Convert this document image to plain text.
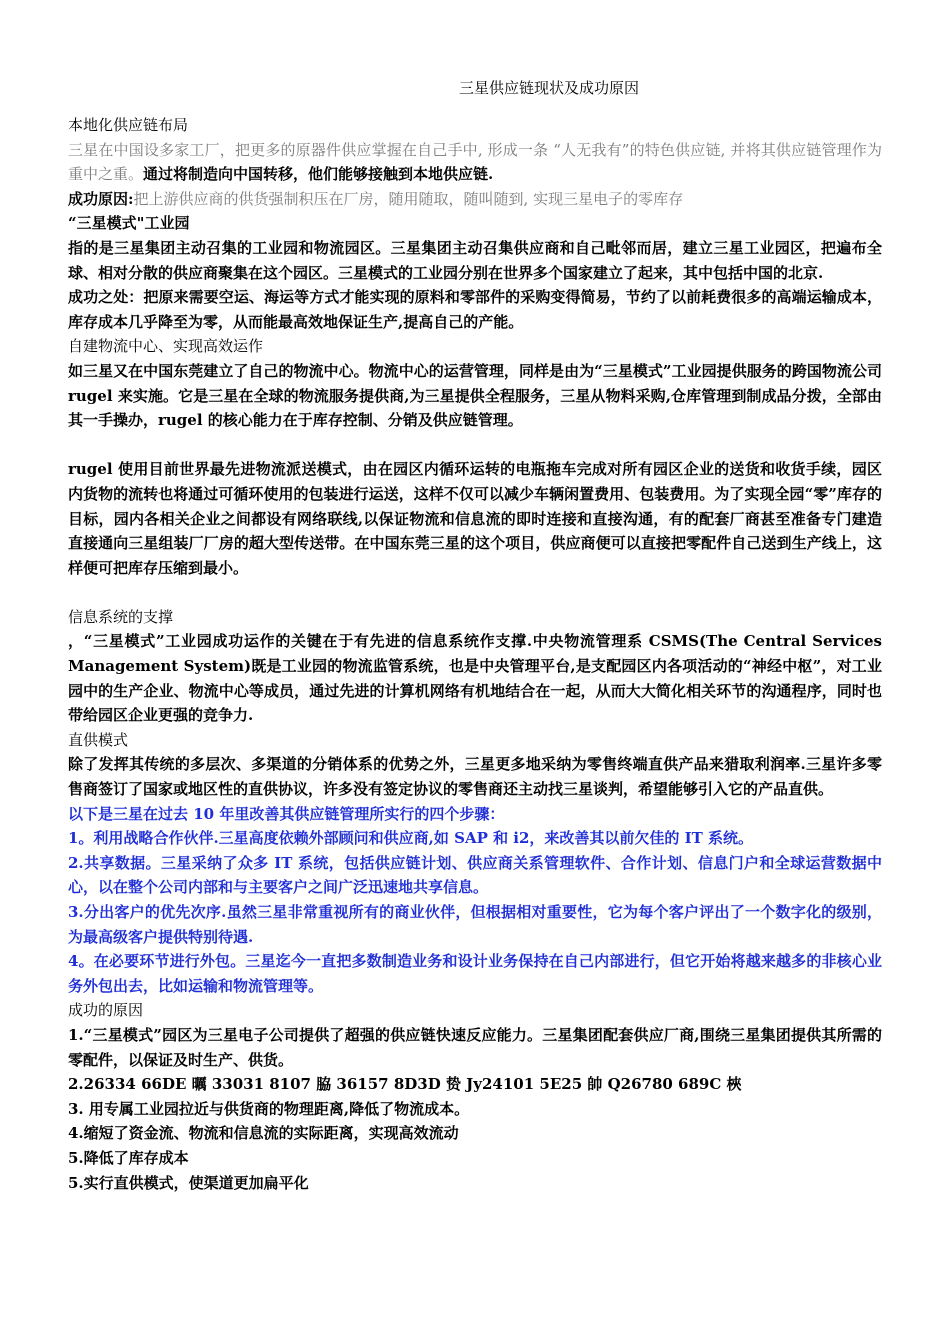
三星供应链现状及成功原因

本地化供应链布局

三星在中国设多家工厂，把更多的原器件供应掌握在自己手中, 形成一条 “人无我有”的特色供应链, 并将其供应链管理作为重中之重。通过将制造向中国转移，他们能够接触到本地供应链.

成功原因:把上游供应商的供货强制积压在厂房，随用随取，随叫随到, 实现三星电子的零库存

“三星模式"工业园

指的是三星集团主动召集的工业园和物流园区。三星集团主动召集供应商和自己毗邻而居，建立三星工业园区，把遍布全球、相对分散的供应商聚集在这个园区。三星模式的工业园分别在世界多个国家建立了起来，其中包括中国的北京.

成功之处：把原来需要空运、海运等方式才能实现的原料和零部件的采购变得简易，节约了以前耗费很多的高端运输成本，库存成本几乎降至为零，从而能最高效地保证生产,提高自己的产能。

自建物流中心、实现高效运作

如三星又在中国东莞建立了自己的物流中心。物流中心的运营管理，同样是由为“三星模式”工业园提供服务的跨国物流公司 rugel 来实施。它是三星在全球的物流服务提供商,为三星提供全程服务，三星从物料采购,仓库管理到制成品分拨，全部由其一手操办，rugel 的核心能力在于库存控制、分销及供应链管理。

rugel 使用目前世界最先进物流派送模式，由在园区内循环运转的电瓶拖车完成对所有园区企业的送货和收货手续，园区内货物的流转也将通过可循环使用的包装进行运送，这样不仅可以减少车辆闲置费用、包装费用。为了实现全园“零”库存的目标，园内各相关企业之间都设有网络联线,以保证物流和信息流的即时连接和直接沟通，有的配套厂商甚至准备专门建造直接通向三星组装厂厂房的超大型传送带。在中国东莞三星的这个项目，供应商便可以直接把零配件自己送到生产线上，这样便可把库存压缩到最小。

信息系统的支撑

，“三星模式”工业园成功运作的关键在于有先进的信息系统作支撑.中央物流管理系 CSMS(The Central Services Management System)既是工业园的物流监管系统，也是中央管理平台,是支配园区内各项活动的“神经中枢”，对工业园中的生产企业、物流中心等成员，通过先进的计算机网络有机地结合在一起，从而大大简化相关环节的沟通程序，同时也带给园区企业更强的竞争力.

直供模式

除了发挥其传统的多层次、多渠道的分销体系的优势之外，三星更多地采纳为零售终端直供产品来猎取利润率.三星许多零售商签订了国家或地区性的直供协议，许多没有签定协议的零售商还主动找三星谈判，希望能够引入它的产品直供。

以下是三星在过去 10 年里改善其供应链管理所实行的四个步骤：

1。利用战略合作伙伴.三星高度依赖外部顾问和供应商,如 SAP 和 i2，来改善其以前欠佳的 IT 系统。

2.共享数据。三星采纳了众多 IT 系统，包括供应链计划、供应商关系管理软件、合作计划、信息门户和全球运营数据中心，以在整个公司内部和与主要客户之间广泛迅速地共享信息。

3.分出客户的优先次序.虽然三星非常重视所有的商业伙伴，但根据相对重要性，它为每个客户评出了一个数字化的级别，为最高级客户提供特别待遇.

4。在必要环节进行外包。三星迄今一直把多数制造业务和设计业务保持在自己内部进行，但它开始将越来越多的非核心业务外包出去，比如运输和物流管理等。

成功的原因

1.“三星模式”园区为三星电子公司提供了超强的供应链快速反应能力。三星集团配套供应厂商,围绕三星集团提供其所需的零配件，以保证及时生产、供货。

2.26334 66DE 曞 33031 8107 脇 36157 8D3D 贽 Jy24101 5E25 帥 Q26780 689C 梜

3. 用专属工业园拉近与供货商的物理距离,降低了物流成本。

4.缩短了资金流、物流和信息流的实际距离，实现高效流动

5.降低了库存成本

5.实行直供模式，使渠道更加扁平化
